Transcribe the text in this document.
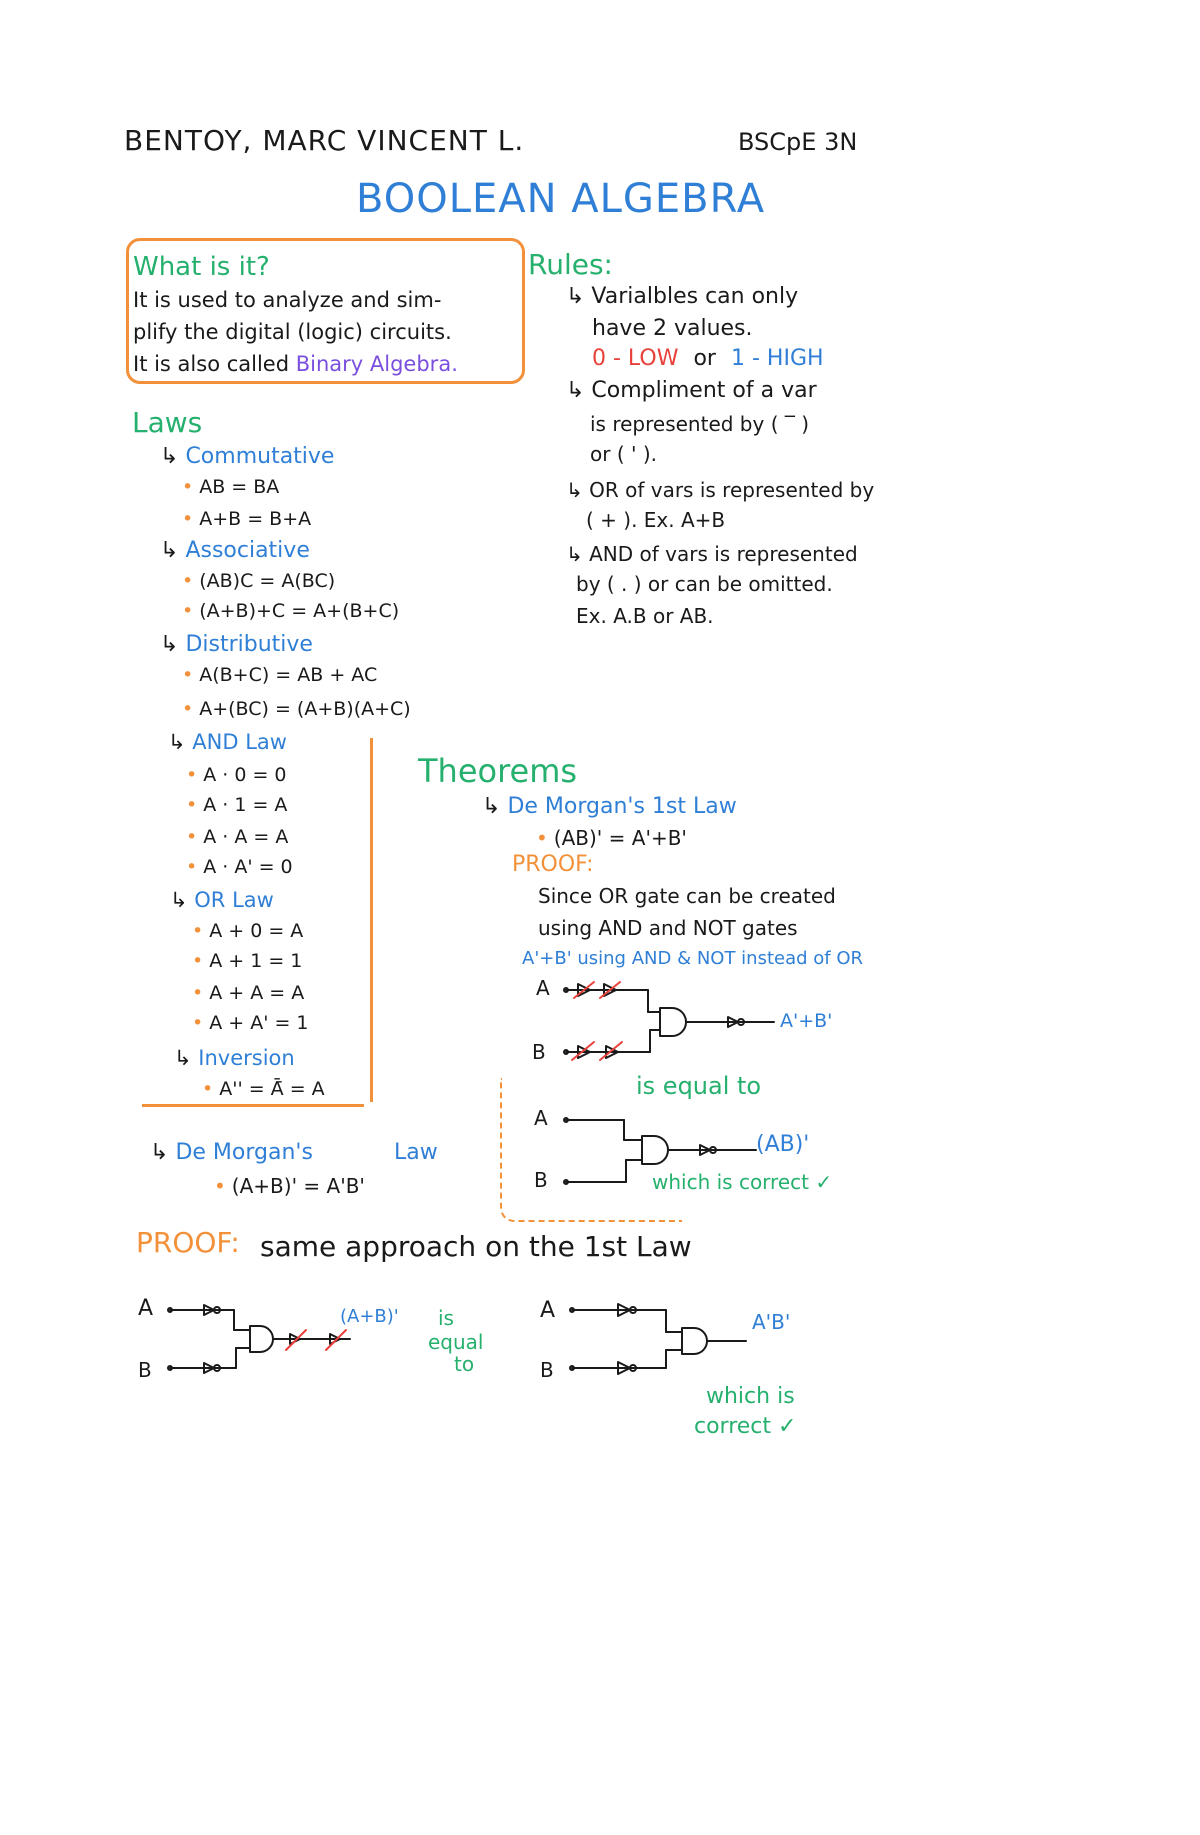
BENTOY, MARC VINCENT L.	BSCpE 3N
BOOLEAN ALGEBRA
What is it?
It is used to analyze and sim-
plify the digital (logic) circuits.
It is also called Binary Algebra.
Rules:
↳ Varialbles can only
have 2 values.
0 - LOW or 1 - HIGH
↳ Compliment of a var
is represented by ( ‾ )
or ( ' ).
↳ OR of vars is represented by
( + ). Ex. A+B
↳ AND of vars is represented
by ( . ) or can be omitted.
Ex. A.B or AB.
Laws
↳ Commutative
• AB = BA
• A+B = B+A
↳ Associative
• (AB)C = A(BC)
• (A+B)+C = A+(B+C)
↳ Distributive
• A(B+C) = AB + AC
• A+(BC) = (A+B)(A+C)
↳ AND Law
• A · 0 = 0
• A · 1 = A
• A · A = A
• A · A' = 0
↳ OR Law
• A + 0 = A
• A + 1 = 1
• A + A = A
• A + A' = 1
↳ Inversion
• A'' = Ā̄ = A
↳ De Morgan's	Law
• (A+B)' = A'B'
Theorems
↳ De Morgan's 1st Law
• (AB)' = A'+B'
PROOF:
Since OR gate can be created
using AND and NOT gates
A'+B' using AND & NOT instead of OR
A
B
A'+B'
is equal to
A
B
(AB)'
which is correct ✓
PROOF: same approach on the 1st Law
A
B
(A+B)' is
equal
to
A
B
A'B'
which is
correct ✓
